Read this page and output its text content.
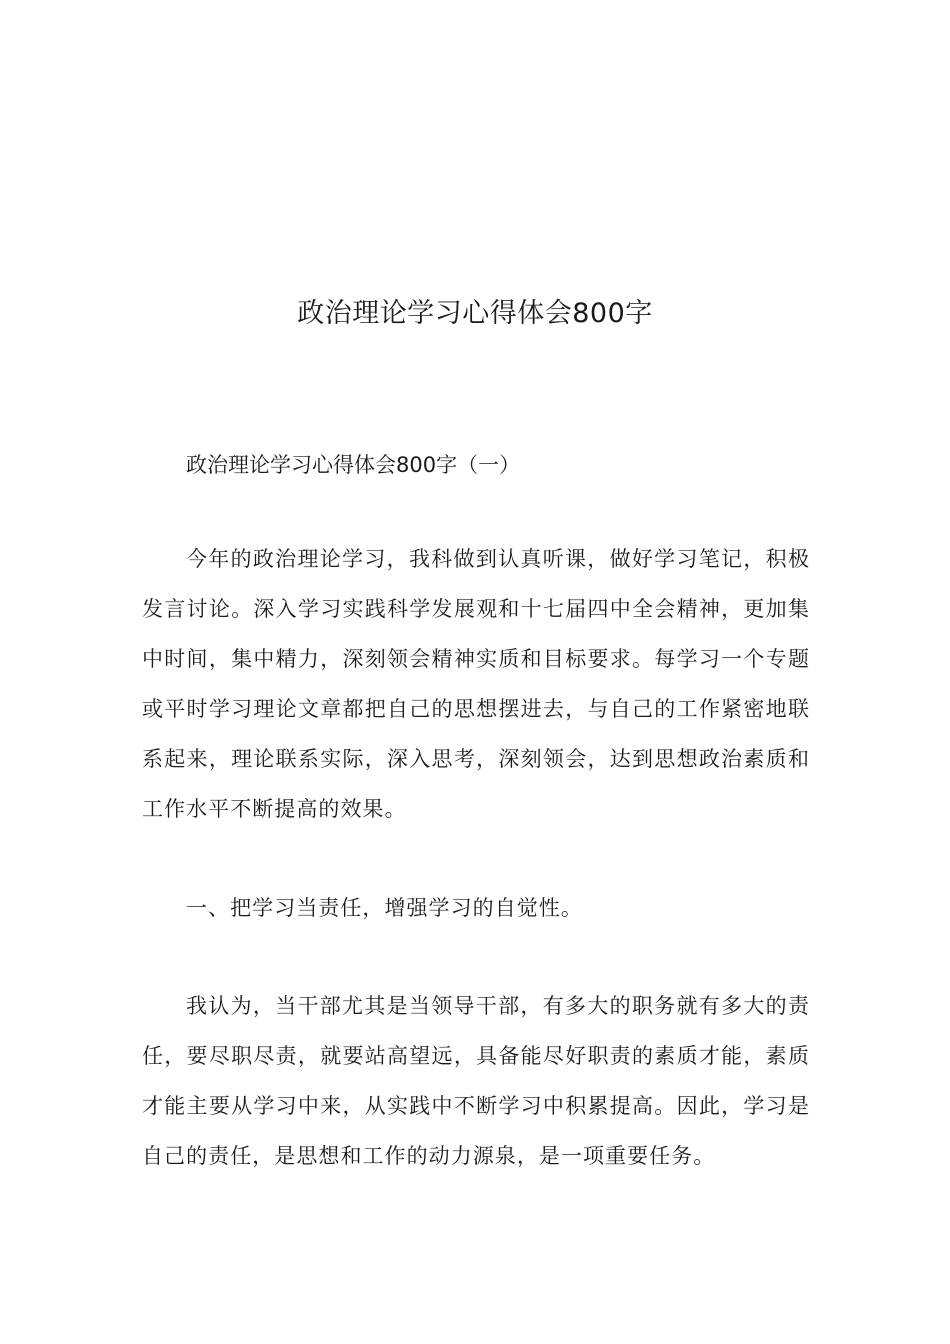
政治理论学习心得体会800字

政治理论学习心得体会800字（一）

今年的政治理论学习，我科做到认真听课，做好学习笔记，积极发言讨论。深入学习实践科学发展观和十七届四中全会精神，更加集中时间，集中精力，深刻领会精神实质和目标要求。每学习一个专题或平时学习理论文章都把自己的思想摆进去，与自己的工作紧密地联系起来，理论联系实际，深入思考，深刻领会，达到思想政治素质和工作水平不断提高的效果。

一、把学习当责任，增强学习的自觉性。

我认为，当干部尤其是当领导干部，有多大的职务就有多大的责任，要尽职尽责，就要站高望远，具备能尽好职责的素质才能，素质才能主要从学习中来，从实践中不断学习中积累提高。因此，学习是自己的责任，是思想和工作的动力源泉，是一项重要任务。
